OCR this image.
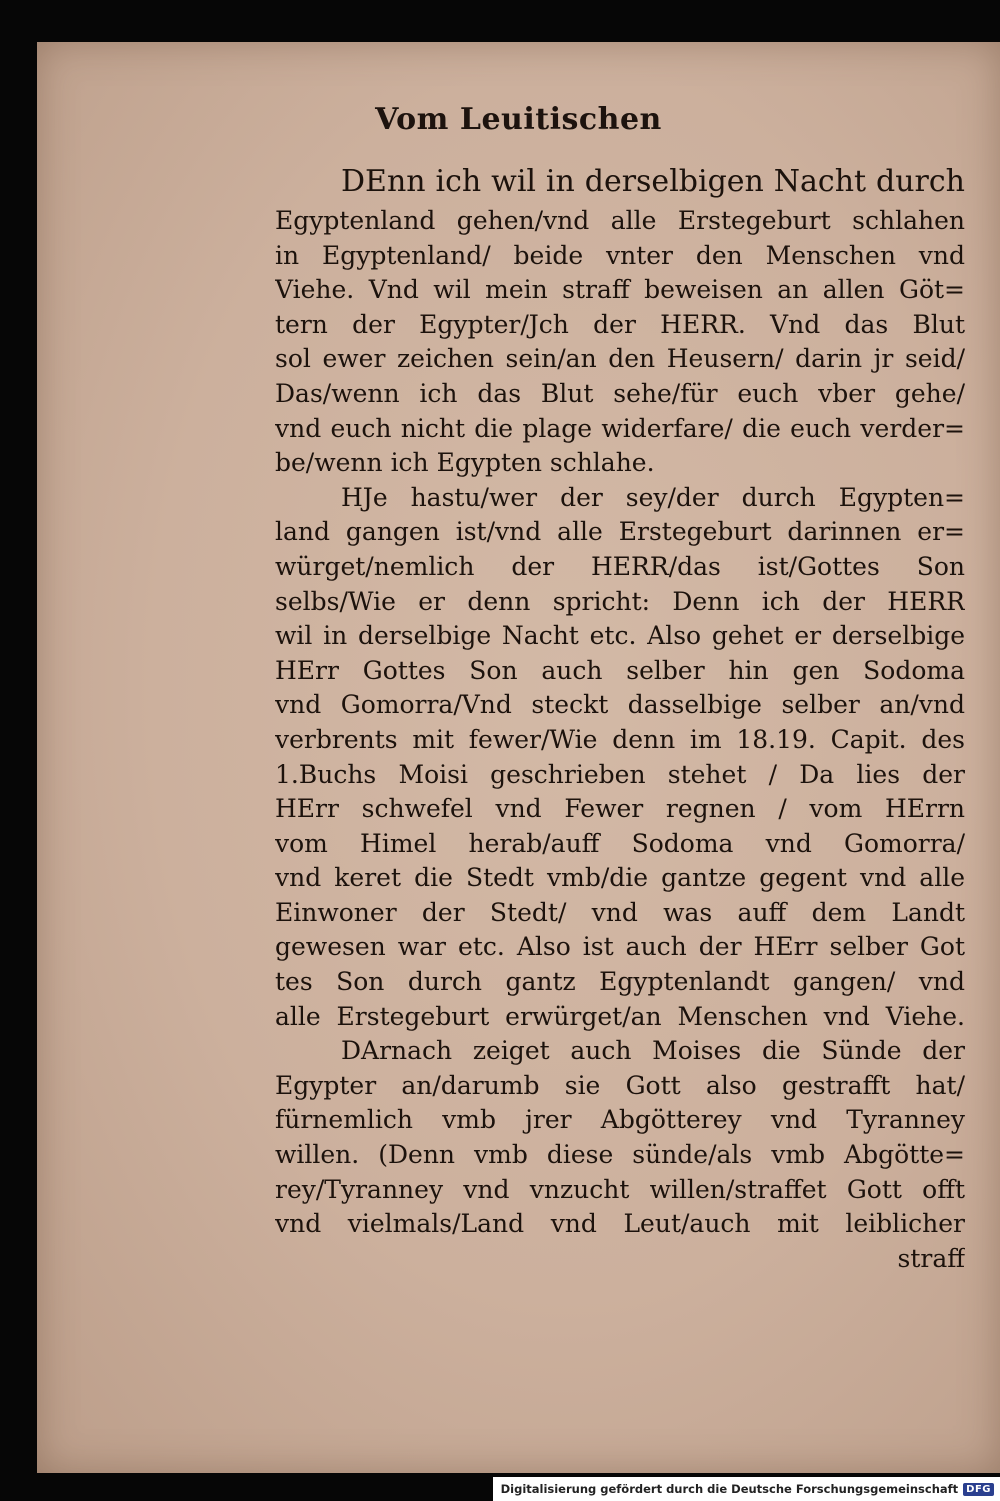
Vom Leuitischen
DEnn ich wil in derselbigen Nacht durch
Egyptenland gehen/vnd alle Erstegeburt schlahen
in Egyptenland/ beide vnter den Menschen vnd
Viehe. Vnd wil mein straff beweisen an allen Göt=
tern der Egypter/Jch der HERR. Vnd das Blut
sol ewer zeichen sein/an den Heusern/ darin jr seid/
Das/wenn ich das Blut sehe/für euch vber gehe/
vnd euch nicht die plage widerfare/ die euch verder=
be/wenn ich Egypten schlahe.
HJe hastu/wer der sey/der durch Egypten=
land gangen ist/vnd alle Erstegeburt darinnen er=
würget/nemlich der HERR/das ist/Gottes Son
selbs/Wie er denn spricht: Denn ich der HERR
wil in derselbige Nacht etc. Also gehet er derselbige
HErr Gottes Son auch selber hin gen Sodoma
vnd Gomorra/Vnd steckt dasselbige selber an/vnd
verbrents mit fewer/Wie denn im 18.19. Capit. des
1.Buchs Moisi geschrieben stehet / Da lies der
HErr schwefel vnd Fewer regnen / vom HErrn
vom Himel herab/auff Sodoma vnd Gomorra/
vnd keret die Stedt vmb/die gantze gegent vnd alle
Einwoner der Stedt/ vnd was auff dem Landt
gewesen war etc. Also ist auch der HErr selber Got
tes Son durch gantz Egyptenlandt gangen/ vnd
alle Erstegeburt erwürget/an Menschen vnd Viehe.
DArnach zeiget auch Moises die Sünde der
Egypter an/darumb sie Gott also gestrafft hat/
fürnemlich vmb jrer Abgötterey vnd Tyranney
willen. (Denn vmb diese sünde/als vmb Abgötte=
rey/Tyranney vnd vnzucht willen/straffet Gott offt
vnd vielmals/Land vnd Leut/auch mit leiblicher
straff
Digitalisierung gefördert durch die Deutsche Forschungsgemeinschaft DFG
